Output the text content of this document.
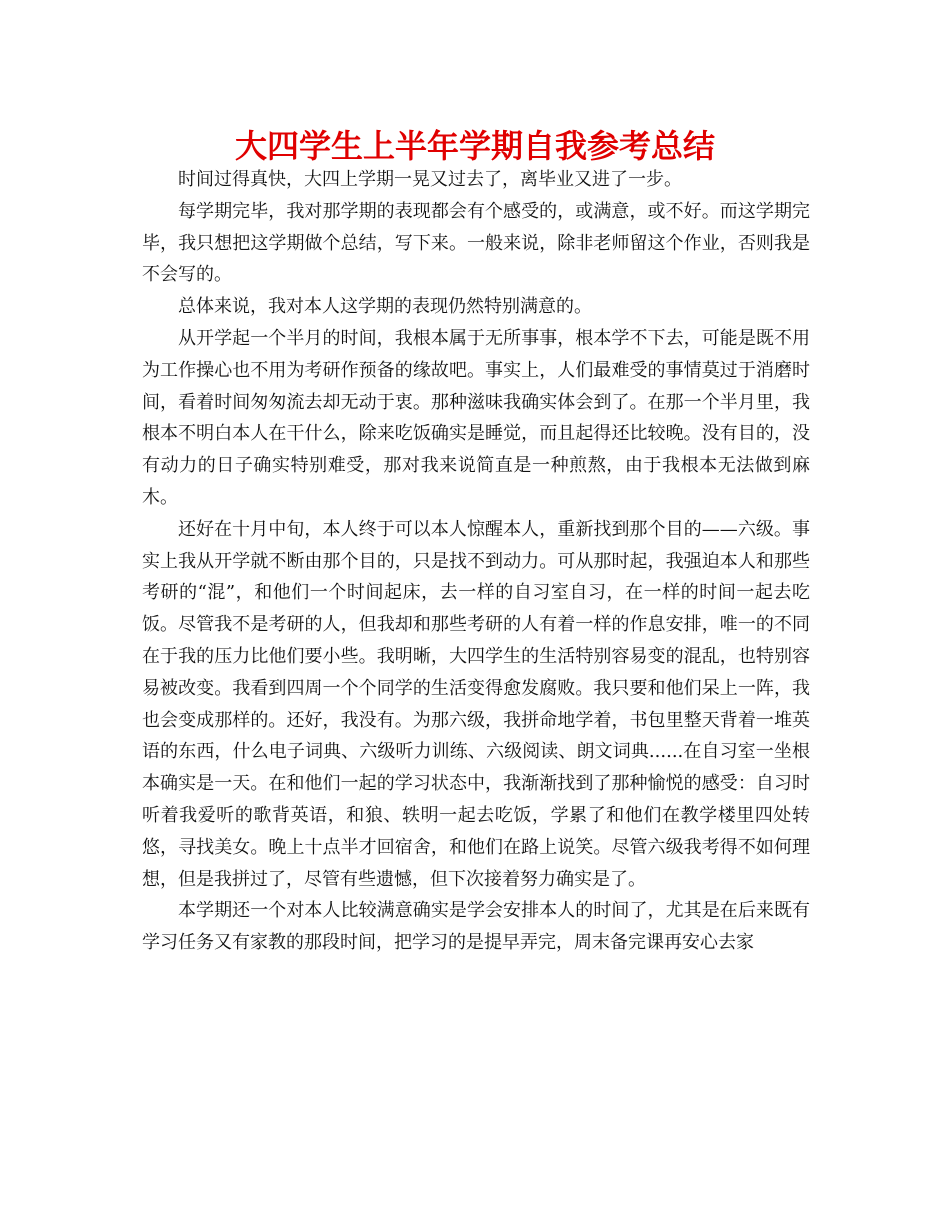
大四学生上半年学期自我参考总结

时间过得真快，大四上学期一晃又过去了，离毕业又进了一步。

每学期完毕，我对那学期的表现都会有个感受的，或满意，或不好。而这学期完毕，我只想把这学期做个总结，写下来。一般来说，除非老师留这个作业，否则我是不会写的。

总体来说，我对本人这学期的表现仍然特别满意的。

从开学起一个半月的时间，我根本属于无所事事，根本学不下去，可能是既不用为工作操心也不用为考研作预备的缘故吧。事实上，人们最难受的事情莫过于消磨时间，看着时间匆匆流去却无动于衷。那种滋味我确实体会到了。在那一个半月里，我根本不明白本人在干什么，除来吃饭确实是睡觉，而且起得还比较晚。没有目的，没有动力的日子确实特别难受，那对我来说简直是一种煎熬，由于我根本无法做到麻木。

还好在十月中旬，本人终于可以本人惊醒本人，重新找到那个目的——六级。事实上我从开学就不断由那个目的，只是找不到动力。可从那时起，我强迫本人和那些考研的“混”，和他们一个时间起床，去一样的自习室自习，在一样的时间一起去吃饭。尽管我不是考研的人，但我却和那些考研的人有着一样的作息安排，唯一的不同在于我的压力比他们要小些。我明晰，大四学生的生活特别容易变的混乱，也特别容易被改变。我看到四周一个个同学的生活变得愈发腐败。我只要和他们呆上一阵，我也会变成那样的。还好，我没有。为那六级，我拼命地学着，书包里整天背着一堆英语的东西，什么电子词典、六级听力训练、六级阅读、朗文词典......在自习室一坐根本确实是一天。在和他们一起的学习状态中，我渐渐找到了那种愉悦的感受：自习时听着我爱听的歌背英语，和狼、轶明一起去吃饭，学累了和他们在教学楼里四处转悠，寻找美女。晚上十点半才回宿舍，和他们在路上说笑。尽管六级我考得不如何理想，但是我拼过了，尽管有些遗憾，但下次接着努力确实是了。

本学期还一个对本人比较满意确实是学会安排本人的时间了，尤其是在后来既有学习任务又有家教的那段时间，把学习的是提早弄完，周末备完课再安心去家
